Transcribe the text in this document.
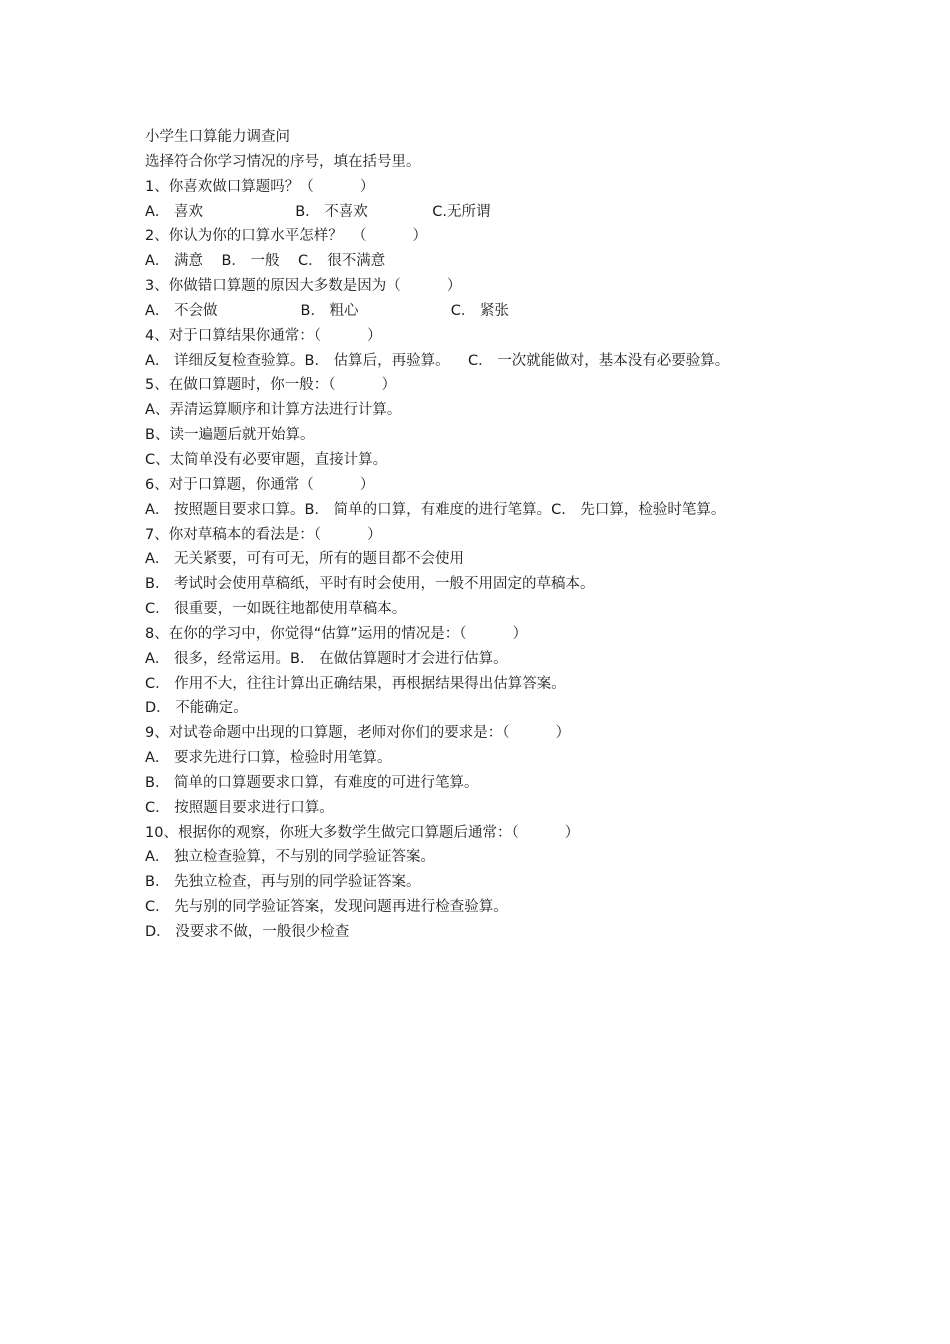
小学生口算能力调查问
选择符合你学习情况的序号，填在括号里。
1、你喜欢做口算题吗？（          ）
A． 喜欢                    B． 不喜欢              C.无所谓
2、你认为你的口算水平怎样？  （          ）
A． 满意    B． 一般    C． 很不满意
3、你做错口算题的原因大多数是因为（          ）
A． 不会做                  B． 粗心                    C． 紧张
4、对于口算结果你通常：（          ）
A． 详细反复检查验算。B． 估算后，再验算。    C． 一次就能做对，基本没有必要验算。
5、在做口算题时，你一般：（          ）
A、弄清运算顺序和计算方法进行计算。
B、读一遍题后就开始算。
C、太简单没有必要审题，直接计算。
6、对于口算题，你通常（          ）
A． 按照题目要求口算。B． 简单的口算，有难度的进行笔算。C． 先口算，检验时笔算。
7、你对草稿本的看法是：（          ）
A． 无关紧要，可有可无，所有的题目都不会使用
B． 考试时会使用草稿纸，平时有时会使用，一般不用固定的草稿本。
C． 很重要，一如既往地都使用草稿本。
8、在你的学习中，你觉得“估算”运用的情况是：（          ）
A． 很多，经常运用。B． 在做估算题时才会进行估算。
C． 作用不大，往往计算出正确结果，再根据结果得出估算答案。
D． 不能确定。
9、对试卷命题中出现的口算题，老师对你们的要求是：（          ）
A． 要求先进行口算，检验时用笔算。
B． 简单的口算题要求口算，有难度的可进行笔算。
C． 按照题目要求进行口算。
10、根据你的观察，你班大多数学生做完口算题后通常：（          ）
A． 独立检查验算，不与别的同学验证答案。
B． 先独立检查，再与别的同学验证答案。
C． 先与别的同学验证答案，发现问题再进行检查验算。
D． 没要求不做，一般很少检查
